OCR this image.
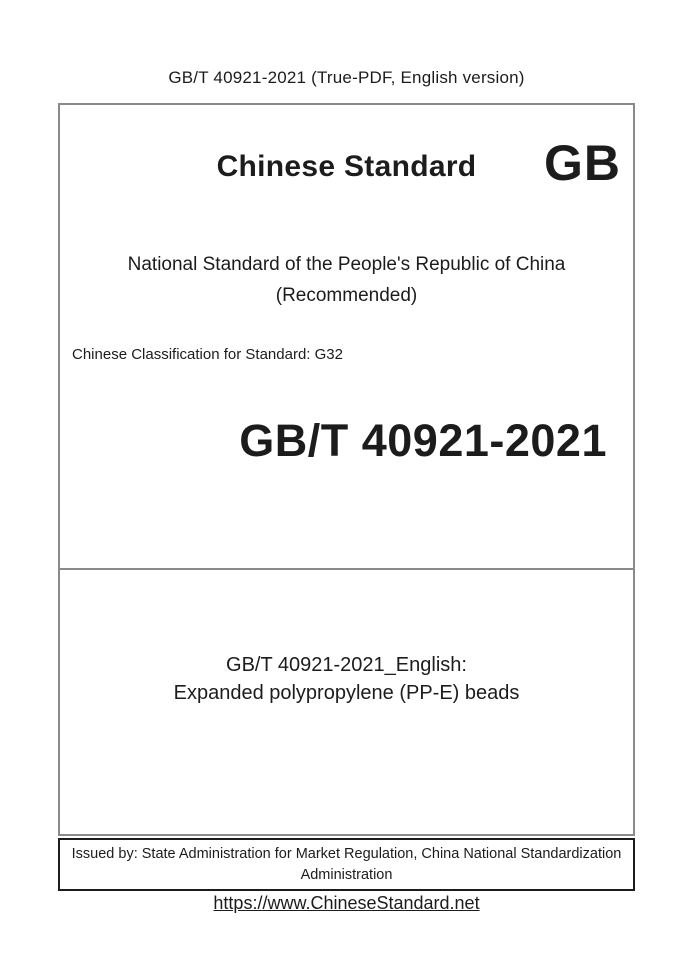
GB/T 40921-2021 (True-PDF, English version)
Chinese Standard	GB
National Standard of the People's Republic of China
(Recommended)
Chinese Classification for Standard: G32
GB/T 40921-2021
GB/T 40921-2021_English:
Expanded polypropylene (PP-E) beads
Issued by: State Administration for Market Regulation, China National Standardization Administration
https://www.ChineseStandard.net
